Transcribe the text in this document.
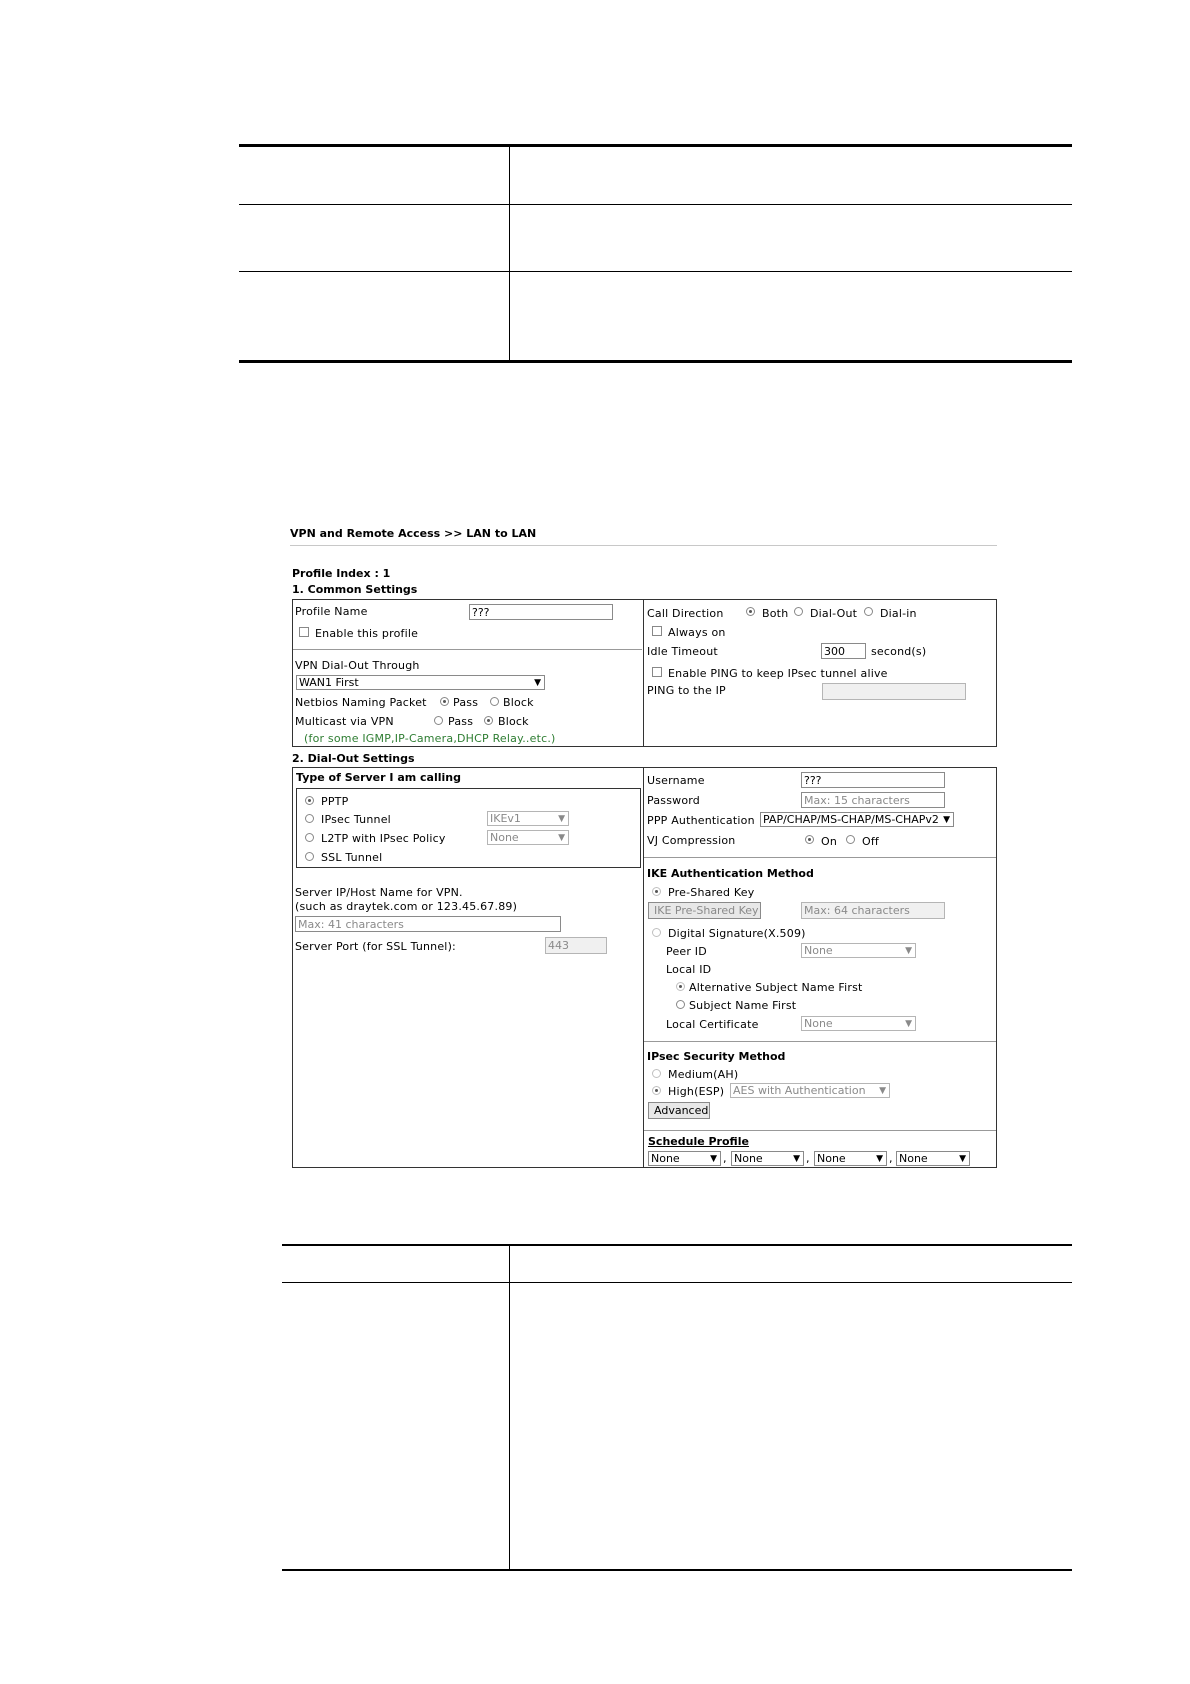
VPN and Remote Access >> LAN to LAN
Profile Index : 1
1. Common Settings
Profile Name	???
Enable this profile
VPN Dial-Out Through
WAN1 First	▼
Netbios Naming Packet Pass Block
Multicast via VPN	Pass Block
(for some IGMP,IP-Camera,DHCP Relay..etc.)
Call Direction	Both Dial-Out Dial-in
Always on
Idle Timeout	300	second(s)
Enable PING to keep IPsec tunnel alive
PING to the IP
2. Dial-Out Settings
Type of Server I am calling
PPTP
IPsec Tunnel	IKEv1	▼
L2TP with IPsec Policy	None	▼
SSL Tunnel
Server IP/Host Name for VPN.
(such as draytek.com or 123.45.67.89)
Max: 41 characters
Server Port (for SSL Tunnel):	443
Username	???
Password	Max: 15 characters
PPP Authentication PAP/CHAP/MS-CHAP/MS-CHAPv2 ▼
VJ Compression	On Off
IKE Authentication Method
Pre-Shared Key
IKE Pre-Shared Key	Max: 64 characters
Digital Signature(X.509)
Peer ID	None	▼
Local ID
Alternative Subject Name First
Subject Name First
Local Certificate	None	▼
IPsec Security Method
Medium(AH)
High(ESP) AES with Authentication ▼
Advanced
Schedule Profile
None	▼ , None	▼ , None	▼ , None	▼
